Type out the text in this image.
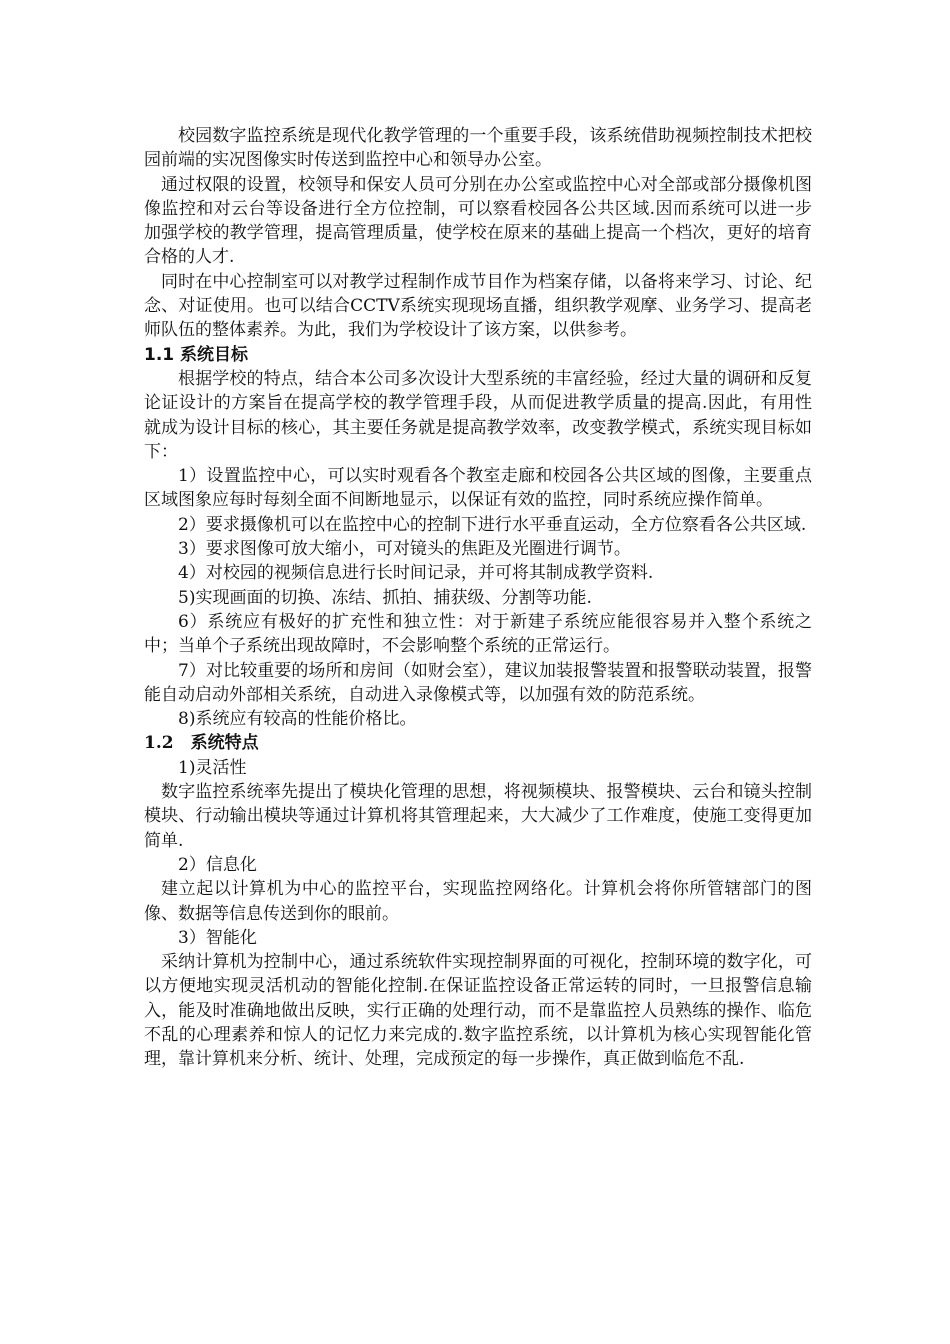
校园数字监控系统是现代化教学管理的一个重要手段，该系统借助视频控制技术把校园前端的实况图像实时传送到监控中心和领导办公室。

通过权限的设置，校领导和保安人员可分别在办公室或监控中心对全部或部分摄像机图像监控和对云台等设备进行全方位控制，可以察看校园各公共区域.因而系统可以进一步加强学校的教学管理，提高管理质量，使学校在原来的基础上提高一个档次，更好的培育合格的人才.

同时在中心控制室可以对教学过程制作成节目作为档案存储，以备将来学习、讨论、纪念、对证使用。也可以结合CCTV系统实现现场直播，组织教学观摩、业务学习、提高老师队伍的整体素养。为此，我们为学校设计了该方案，以供参考。

1.1 系统目标

根据学校的特点，结合本公司多次设计大型系统的丰富经验，经过大量的调研和反复论证设计的方案旨在提高学校的教学管理手段，从而促进教学质量的提高.因此，有用性就成为设计目标的核心，其主要任务就是提高教学效率，改变教学模式，系统实现目标如下：

1）设置监控中心，可以实时观看各个教室走廊和校园各公共区域的图像，主要重点区域图象应每时每刻全面不间断地显示，以保证有效的监控，同时系统应操作简单。

2）要求摄像机可以在监控中心的控制下进行水平垂直运动，全方位察看各公共区域.

3）要求图像可放大缩小，可对镜头的焦距及光圈进行调节。

4）对校园的视频信息进行长时间记录，并可将其制成教学资料.

5)实现画面的切换、冻结、抓拍、捕获级、分割等功能.

6）系统应有极好的扩充性和独立性：对于新建子系统应能很容易并入整个系统之中；当单个子系统出现故障时，不会影响整个系统的正常运行。

7）对比较重要的场所和房间（如财会室），建议加装报警装置和报警联动装置，报警能自动启动外部相关系统，自动进入录像模式等，以加强有效的防范系统。

8)系统应有较高的性能价格比。

1.2　系统特点

1)灵活性

数字监控系统率先提出了模块化管理的思想，将视频模块、报警模块、云台和镜头控制模块、行动输出模块等通过计算机将其管理起来，大大减少了工作难度，使施工变得更加简单.

2）信息化

建立起以计算机为中心的监控平台，实现监控网络化。计算机会将你所管辖部门的图像、数据等信息传送到你的眼前。

3）智能化

采纳计算机为控制中心，通过系统软件实现控制界面的可视化，控制环境的数字化，可以方便地实现灵活机动的智能化控制.在保证监控设备正常运转的同时，一旦报警信息输入，能及时准确地做出反映，实行正确的处理行动，而不是靠监控人员熟练的操作、临危不乱的心理素养和惊人的记忆力来完成的.数字监控系统，以计算机为核心实现智能化管理，靠计算机来分析、统计、处理，完成预定的每一步操作，真正做到临危不乱.
